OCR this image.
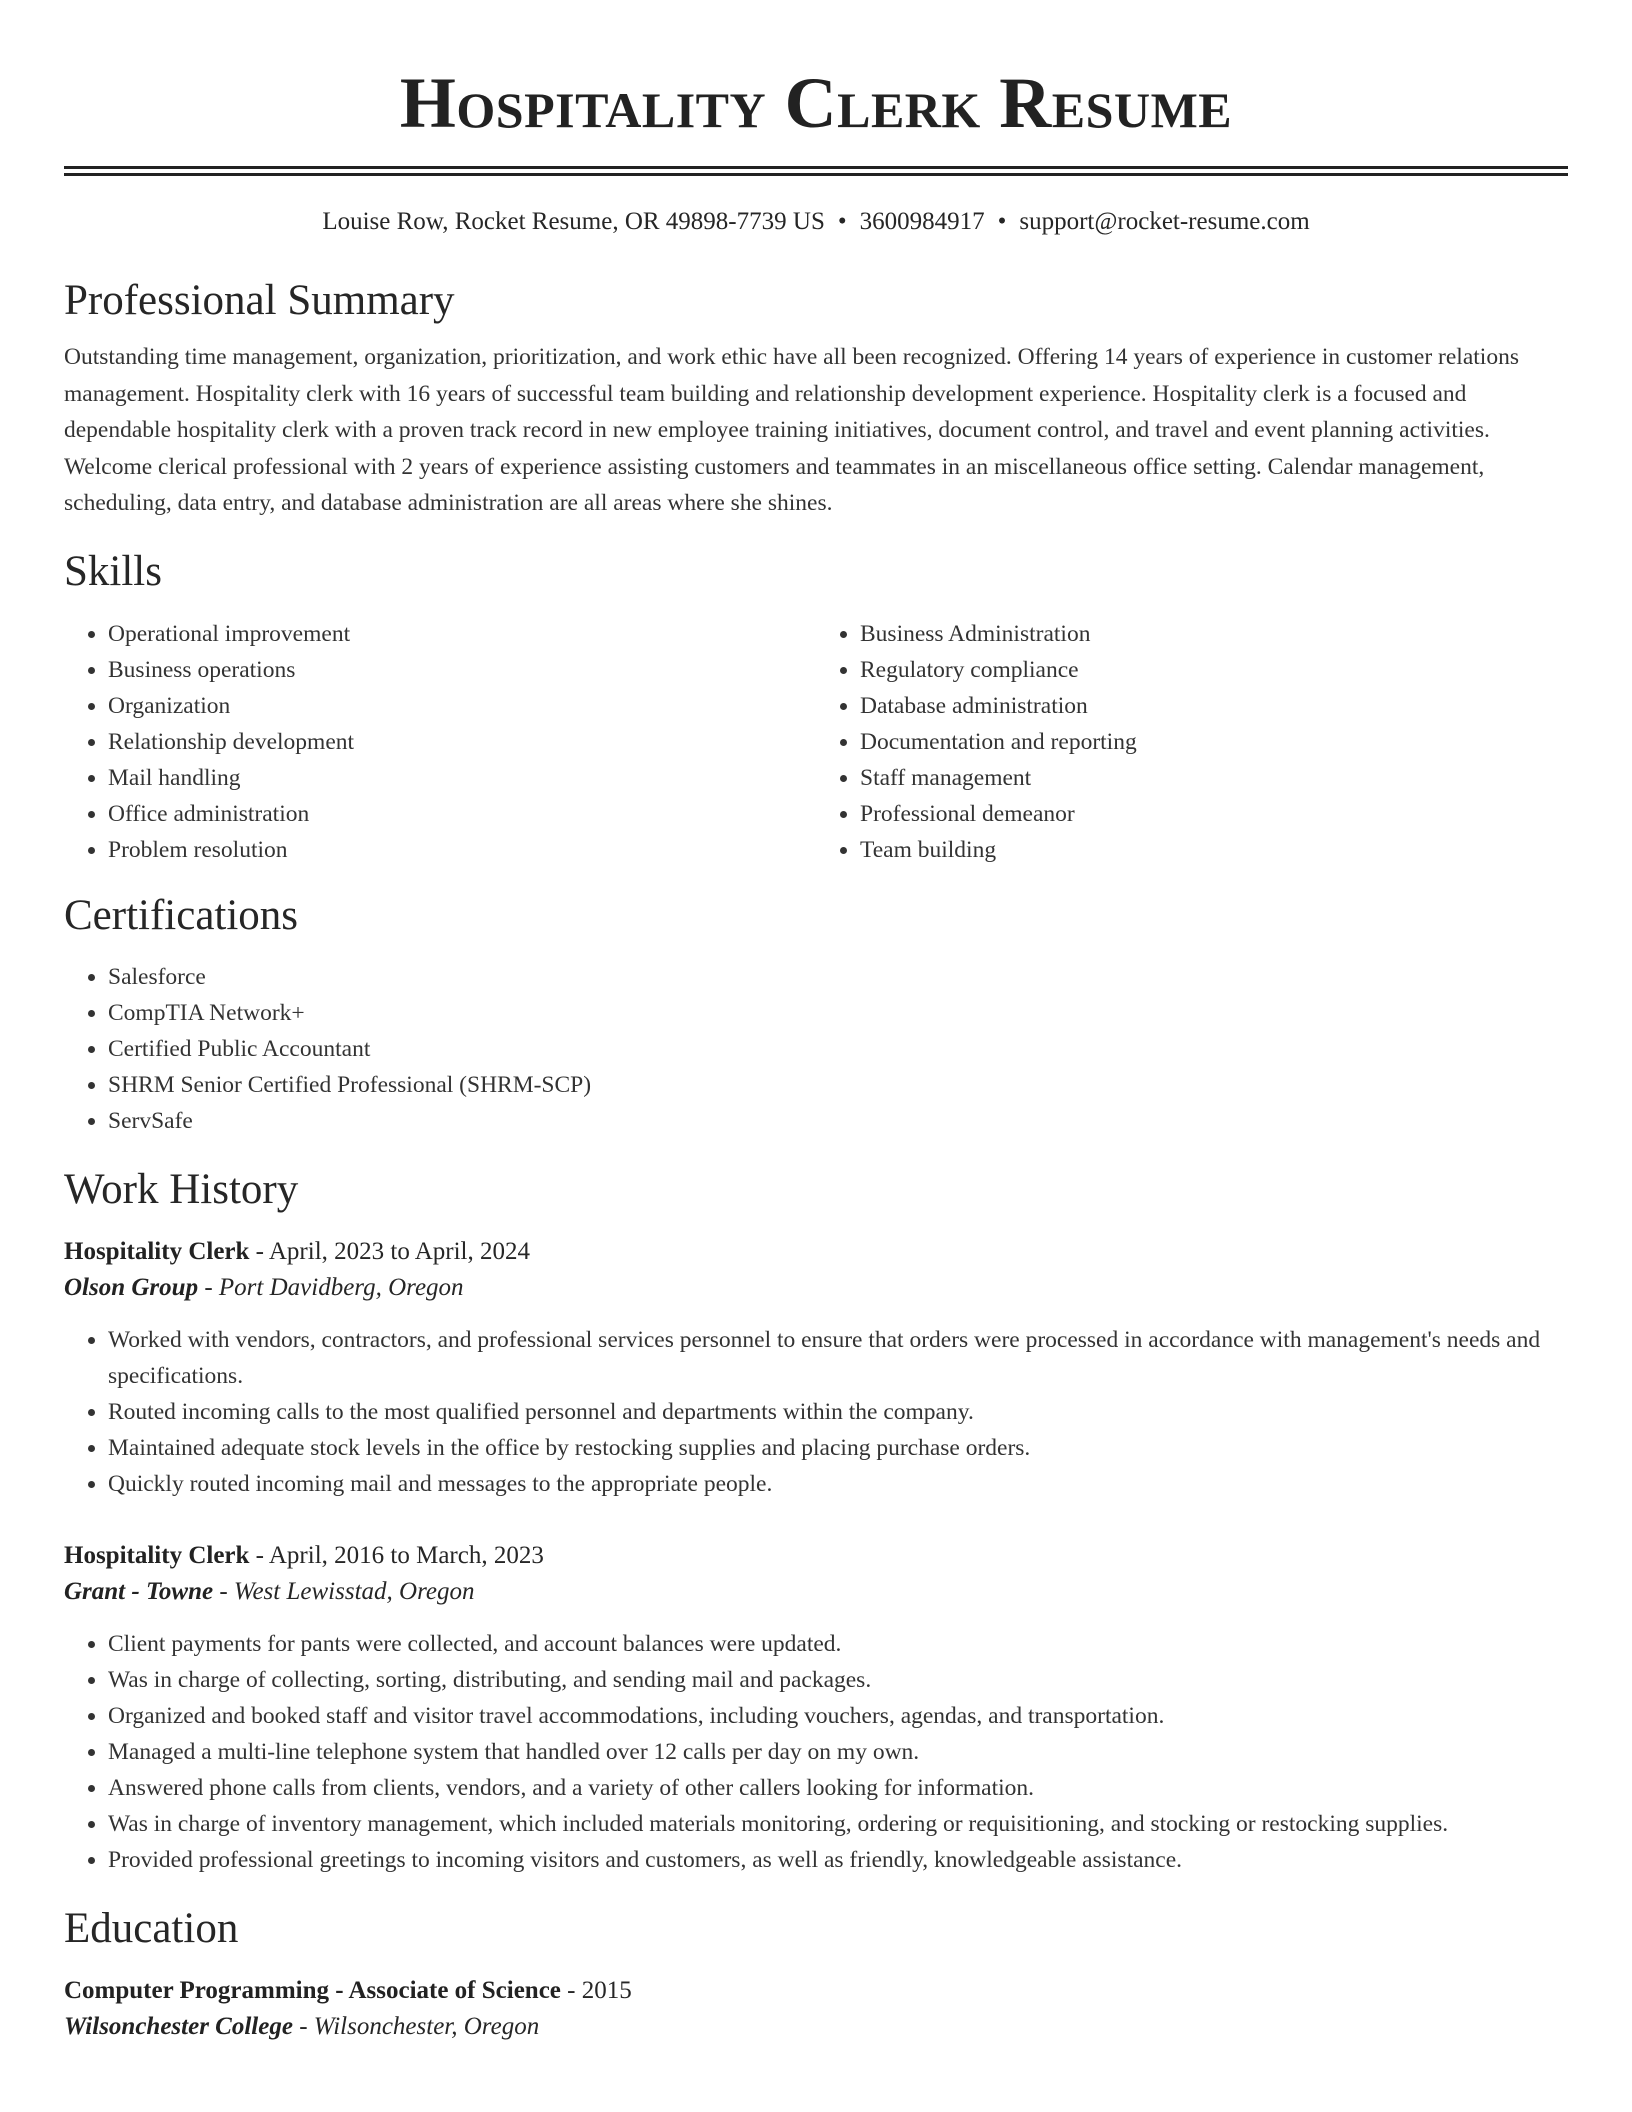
Hospitality Clerk Resume
Louise Row, Rocket Resume, OR 49898-7739 US • 3600984917 • support@rocket-resume.com
Professional Summary

Outstanding time management, organization, prioritization, and work ethic have all been recognized. Offering 14 years of experience in customer relations management. Hospitality clerk with 16 years of successful team building and relationship development experience. Hospitality clerk is a focused and dependable hospitality clerk with a proven track record in new employee training initiatives, document control, and travel and event planning activities. Welcome clerical professional with 2 years of experience assisting customers and teammates in an miscellaneous office setting. Calendar management, scheduling, data entry, and database administration are all areas where she shines.

Skills
• Operational improvement
• Business operations
• Organization
• Relationship development
• Mail handling
• Office administration
• Problem resolution
• Business Administration
• Regulatory compliance
• Database administration
• Documentation and reporting
• Staff management
• Professional demeanor
• Team building
Certifications
• Salesforce
• CompTIA Network+
• Certified Public Accountant
• SHRM Senior Certified Professional (SHRM-SCP)
• ServSafe
Work History
Hospitality Clerk - April, 2023 to April, 2024
Olson Group - Port Davidberg, Oregon
• Worked with vendors, contractors, and professional services personnel to ensure that orders were processed in accordance with management's needs and specifications.
• Routed incoming calls to the most qualified personnel and departments within the company.
• Maintained adequate stock levels in the office by restocking supplies and placing purchase orders.
• Quickly routed incoming mail and messages to the appropriate people.
Hospitality Clerk - April, 2016 to March, 2023
Grant - Towne - West Lewisstad, Oregon
• Client payments for pants were collected, and account balances were updated.
• Was in charge of collecting, sorting, distributing, and sending mail and packages.
• Organized and booked staff and visitor travel accommodations, including vouchers, agendas, and transportation.
• Managed a multi-line telephone system that handled over 12 calls per day on my own.
• Answered phone calls from clients, vendors, and a variety of other callers looking for information.
• Was in charge of inventory management, which included materials monitoring, ordering or requisitioning, and stocking or restocking supplies.
• Provided professional greetings to incoming visitors and customers, as well as friendly, knowledgeable assistance.
Education
Computer Programming - Associate of Science - 2015
Wilsonchester College - Wilsonchester, Oregon
